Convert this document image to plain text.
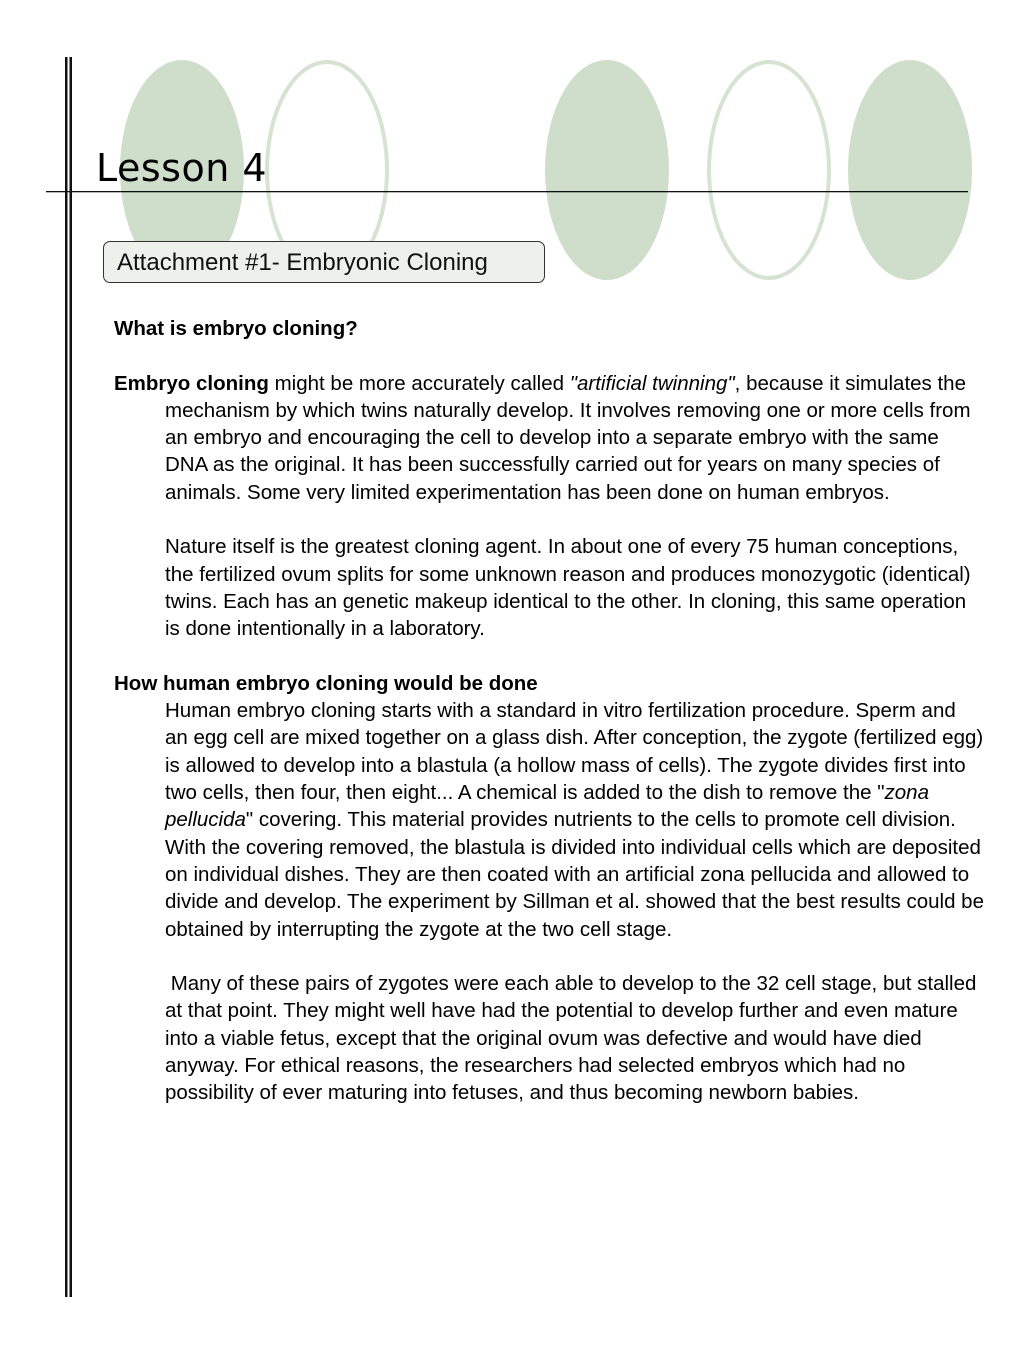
Lesson 4
Attachment #1- Embryonic Cloning

What is embryo cloning?

Embryo cloning might be more accurately called "artificial twinning", because it simulates the mechanism by which twins naturally develop. It involves removing one or more cells from an embryo and encouraging the cell to develop into a separate embryo with the same DNA as the original. It has been successfully carried out for years on many species of animals. Some very limited experimentation has been done on human embryos.

Nature itself is the greatest cloning agent. In about one of every 75 human conceptions, the fertilized ovum splits for some unknown reason and produces monozygotic (identical) twins. Each has an genetic makeup identical to the other. In cloning, this same operation is done intentionally in a laboratory.

How human embryo cloning would be done

Human embryo cloning starts with a standard in vitro fertilization procedure. Sperm and an egg cell are mixed together on a glass dish. After conception, the zygote (fertilized egg) is allowed to develop into a blastula (a hollow mass of cells). The zygote divides first into two cells, then four, then eight... A chemical is added to the dish to remove the "zona pellucida" covering. This material provides nutrients to the cells to promote cell division. With the covering removed, the blastula is divided into individual cells which are deposited on individual dishes. They are then coated with an artificial zona pellucida and allowed to divide and develop. The experiment by Sillman et al. showed that the best results could be obtained by interrupting the zygote at the two cell stage.

Many of these pairs of zygotes were each able to develop to the 32 cell stage, but stalled at that point. They might well have had the potential to develop further and even mature into a viable fetus, except that the original ovum was defective and would have died anyway. For ethical reasons, the researchers had selected embryos which had no possibility of ever maturing into fetuses, and thus becoming newborn babies.
